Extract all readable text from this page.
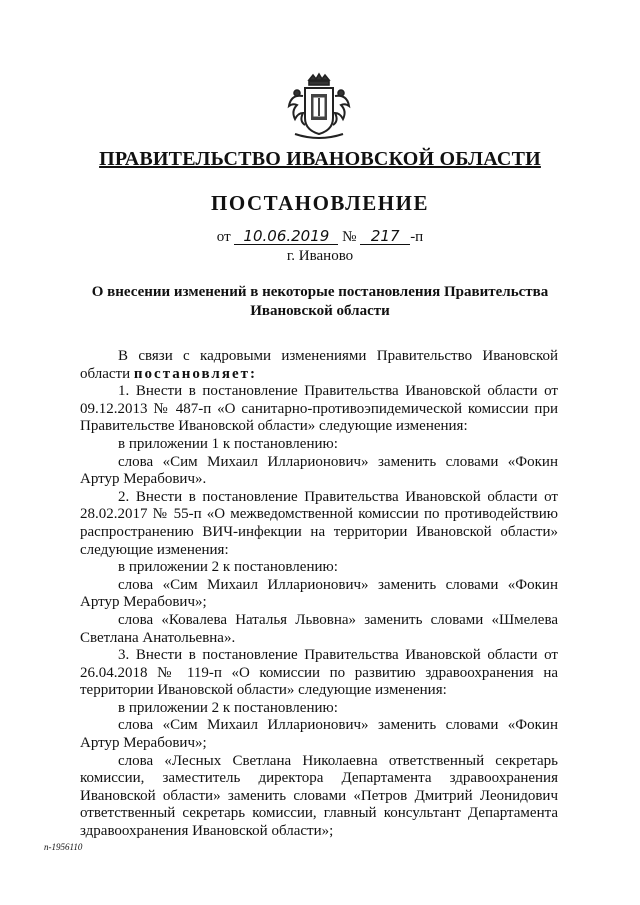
ПРАВИТЕЛЬСТВО ИВАНОВСКОЙ ОБЛАСТИ
ПОСТАНОВЛЕНИЕ
от 10.06.2019 № 217 -п
г. Иваново
О внесении изменений в некоторые постановления Правительства Ивановской области

В связи с кадровыми изменениями Правительство Ивановской области постановляет:

1. Внести в постановление Правительства Ивановской области от 09.12.2013 № 487-п «О санитарно-противоэпидемической комиссии при Правительстве Ивановской области» следующие изменения:

в приложении 1 к постановлению:

слова «Сим Михаил Илларионович» заменить словами «Фокин Артур Мерабович».

2. Внести в постановление Правительства Ивановской области от 28.02.2017 № 55-п «О межведомственной комиссии по противодействию распространению ВИЧ-инфекции на территории Ивановской области» следующие изменения:

в приложении 2 к постановлению:

слова «Сим Михаил Илларионович» заменить словами «Фокин Артур Мерабович»;

слова «Ковалева Наталья Львовна» заменить словами «Шмелева Светлана Анатольевна».

3. Внести в постановление Правительства Ивановской области от 26.04.2018 № 119-п «О комиссии по развитию здравоохранения на территории Ивановской области» следующие изменения:

в приложении 2 к постановлению:

слова «Сим Михаил Илларионович» заменить словами «Фокин Артур Мерабович»;

слова «Лесных Светлана Николаевна ответственный секретарь комиссии, заместитель директора Департамента здравоохранения Ивановской области» заменить словами «Петров Дмитрий Леонидович ответственный секретарь комиссии, главный консультант Департамента здравоохранения Ивановской области»;

п-1956110
